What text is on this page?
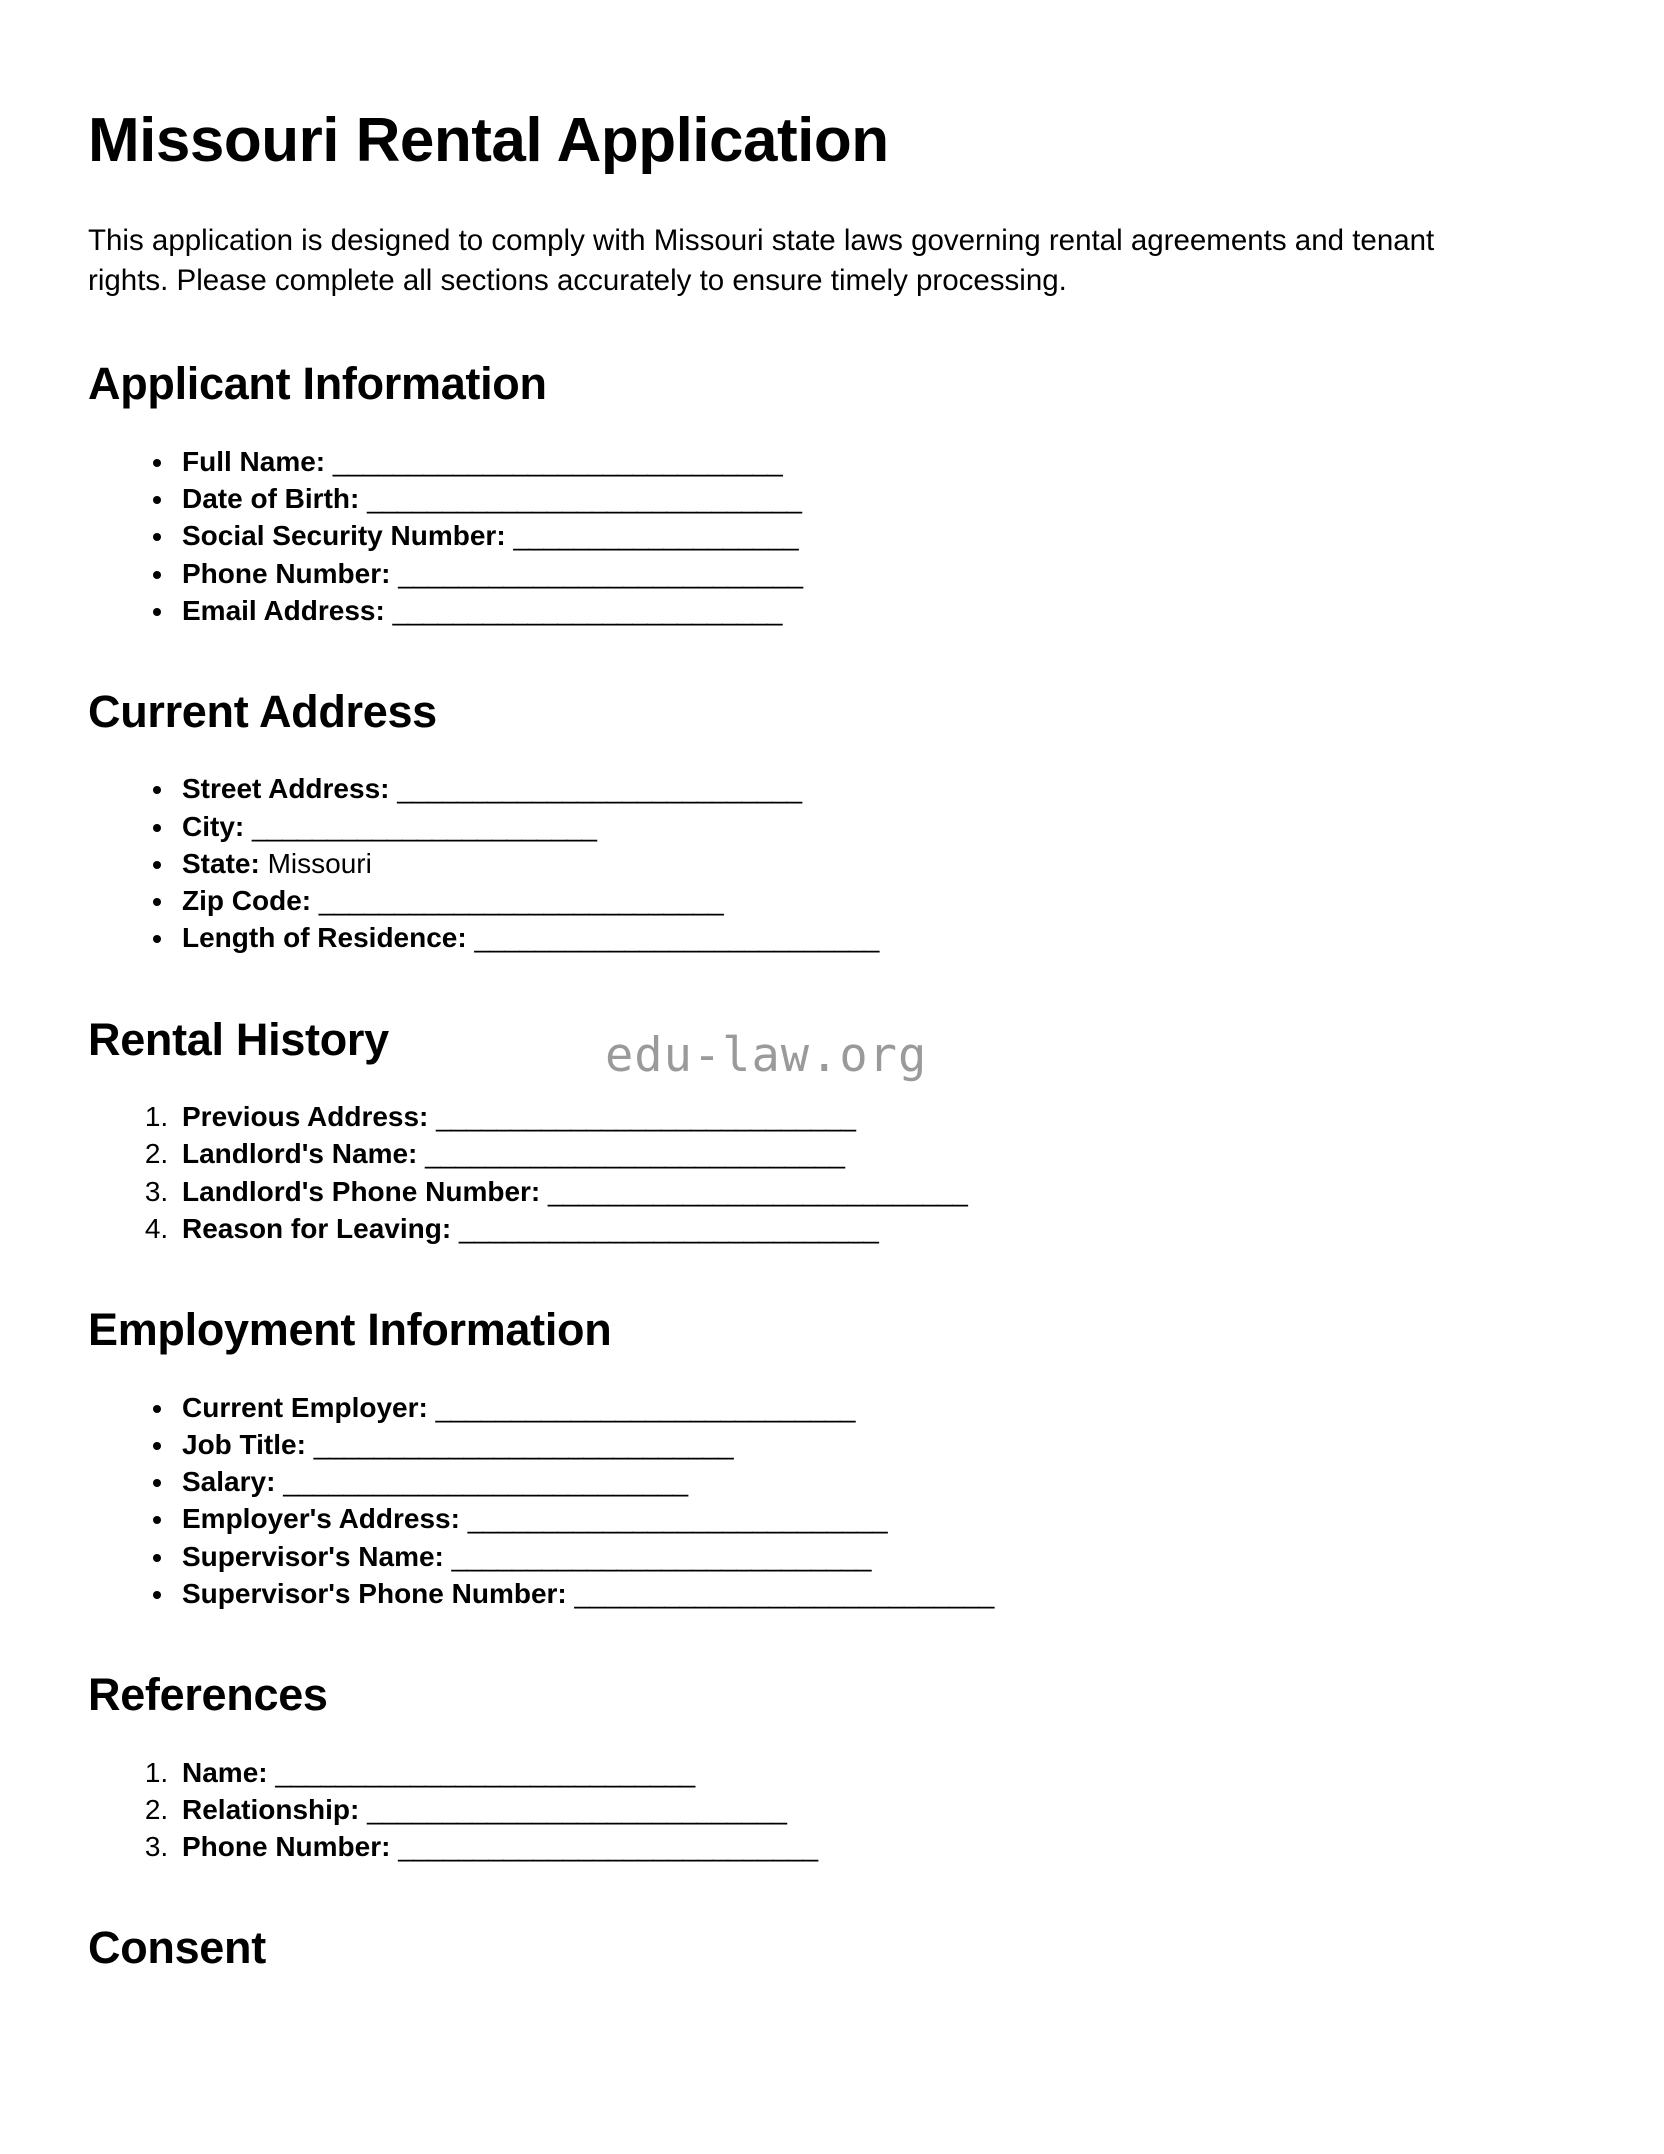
Missouri Rental Application

This application is designed to comply with Missouri state laws governing rental agreements and tenant rights. Please complete all sections accurately to ensure timely processing.

Applicant Information
• Full Name: ______________________________
• Date of Birth: _____________________________
• Social Security Number: ___________________
• Phone Number: ___________________________
• Email Address: __________________________
Current Address
• Street Address: ___________________________
• City: _______________________
• State: Missouri
• Zip Code: ___________________________
• Length of Residence: ___________________________
Rental History
1. Previous Address: ____________________________
2. Landlord's Name: ____________________________
3. Landlord's Phone Number: ____________________________
4. Reason for Leaving: ____________________________
Employment Information
• Current Employer: ____________________________
• Job Title: ____________________________
• Salary: ___________________________
• Employer's Address: ____________________________
• Supervisor's Name: ____________________________
• Supervisor's Phone Number: ____________________________
References
1. Name: ____________________________
2. Relationship: ____________________________
3. Phone Number: ____________________________
Consent
edu-law.org
